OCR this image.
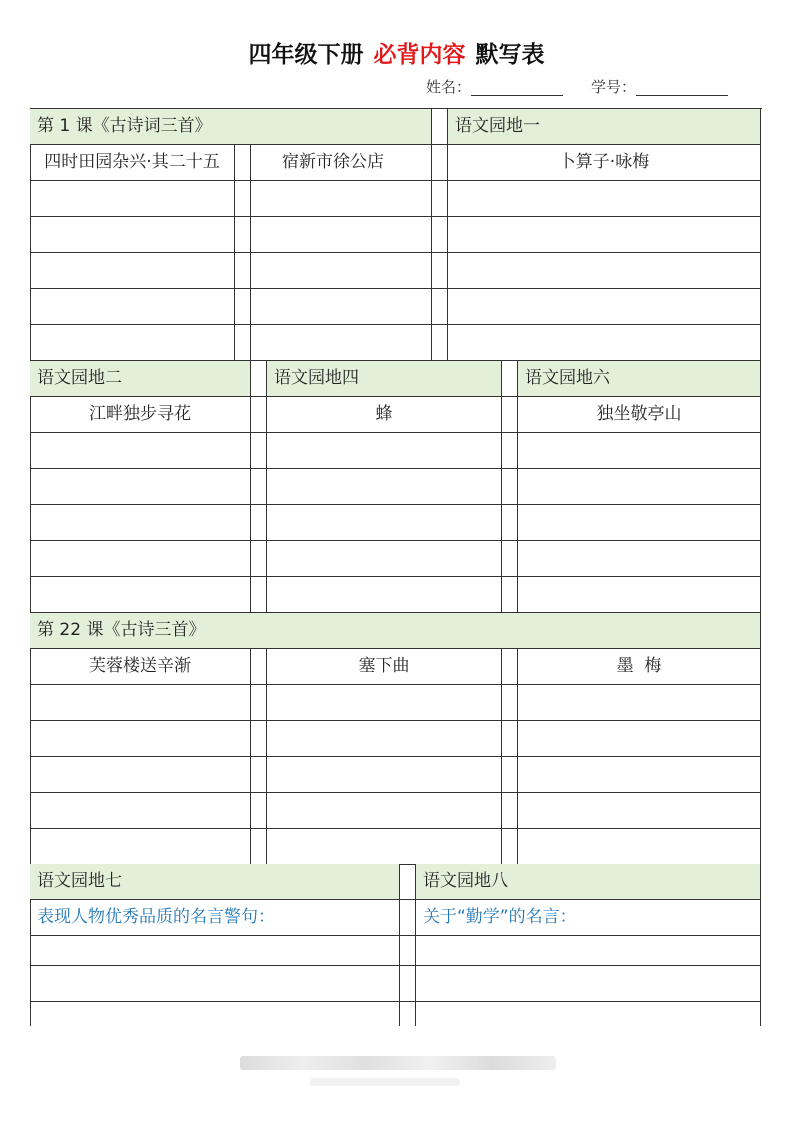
四年级下册 必背内容 默写表
姓名：	学号：
第 1 课《古诗词三首》	语文园地一
四时田园杂兴·其二十五	宿新市徐公店	卜算子·咏梅
语文园地二	语文园地四	语文园地六
江畔独步寻花	蜂	独坐敬亭山
第 22 课《古诗三首》
芙蓉楼送辛渐	塞下曲	墨  梅
语文园地七	语文园地八
表现人物优秀品质的名言警句：	关于“勤学”的名言：
